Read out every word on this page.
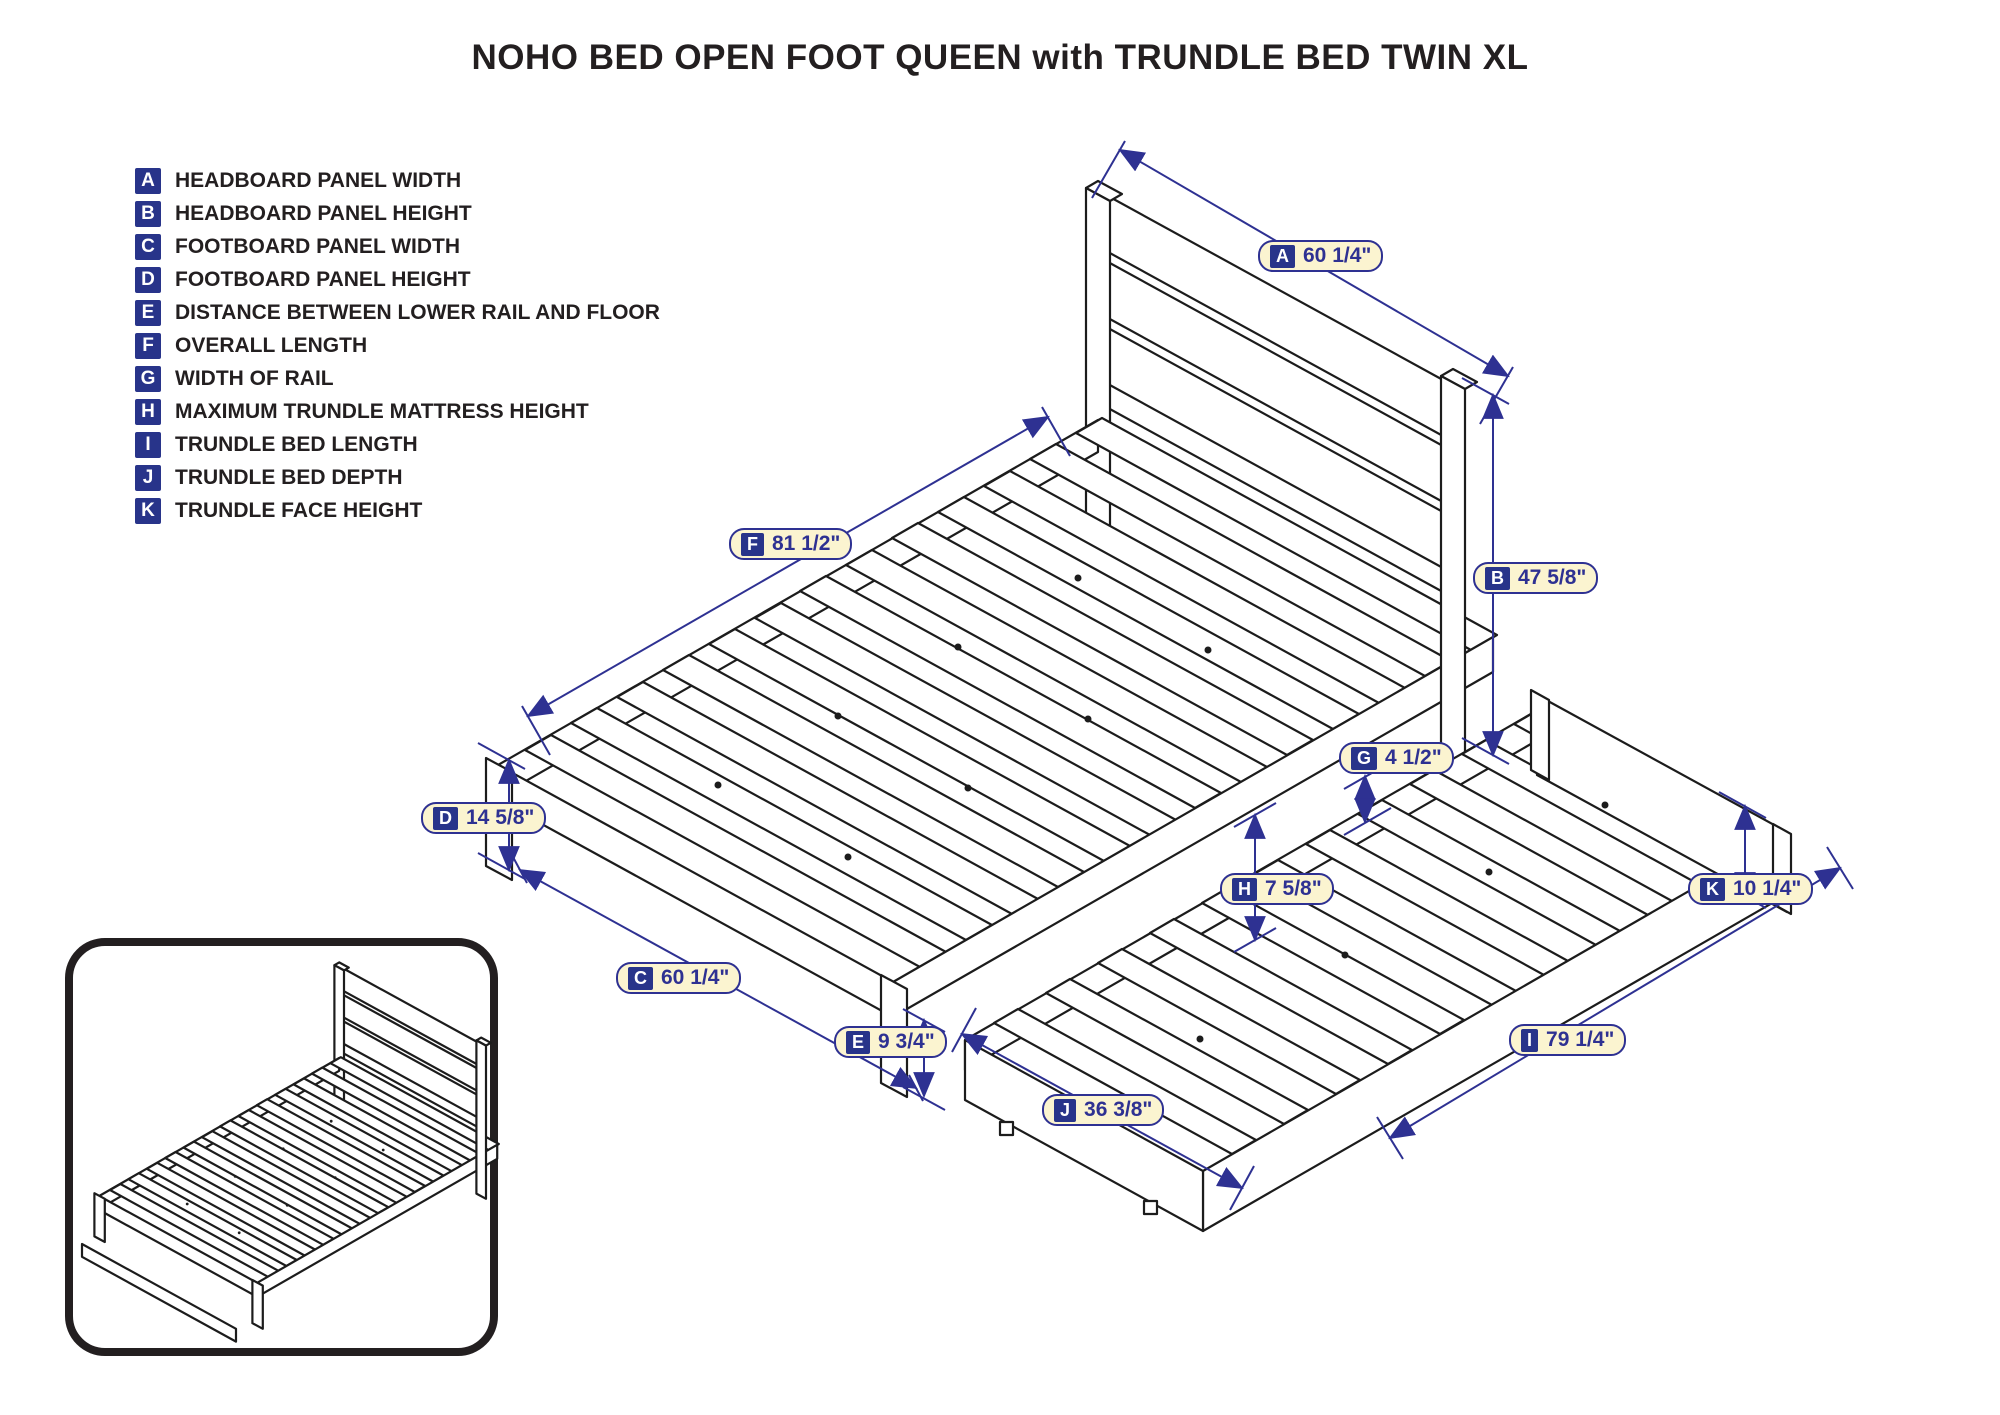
NOHO BED OPEN FOOT QUEEN with TRUNDLE BED TWIN XL
A HEADBOARD PANEL WIDTH
B HEADBOARD PANEL HEIGHT
C FOOTBOARD PANEL WIDTH
D FOOTBOARD PANEL HEIGHT
E DISTANCE BETWEEN LOWER RAIL AND FLOOR
F	OVERALL LENGTH
G WIDTH OF RAIL
H MAXIMUM TRUNDLE MATTRESS HEIGHT
I	TRUNDLE BED LENGTH
J	TRUNDLE BED DEPTH
K TRUNDLE FACE HEIGHT
A 60 1/4"
B 47 5/8"
C 60 1/4"
D 14 5/8"
E 9 3/4"
F 81 1/2"
G 4 1/2"
H 7 5/8"
I 79 1/4"
J 36 3/8"
K 10 1/4"
